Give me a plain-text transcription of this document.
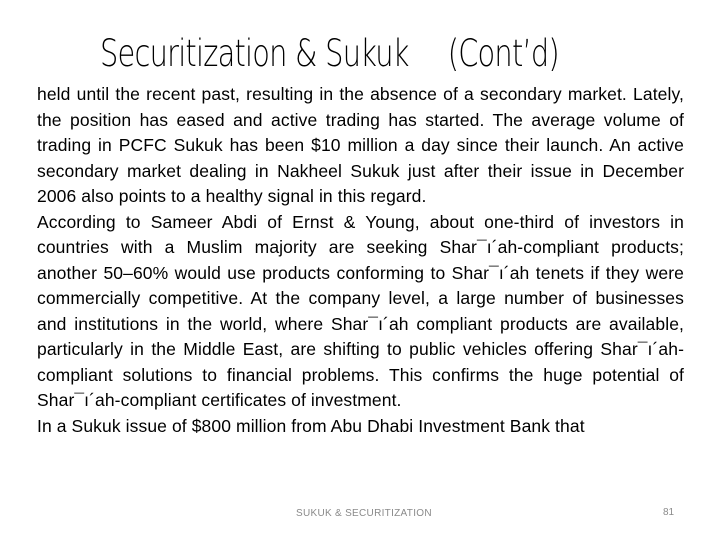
Securitization & Sukuk (Cont’d)

held until the recent past, resulting in the absence of a secondary market. Lately, the position has eased and active trading has started. The average volume of trading in PCFC Sukuk has been $10 million a day since their launch. An active secondary market dealing in Nakheel Sukuk just after their issue in December 2006 also points to a healthy signal in this regard.

According to Sameer Abdi of Ernst & Young, about one-third of investors in countries with a Muslim majority are seeking Shar¯ı´ah-compliant products; another 50–60% would use products conforming to Shar¯ı´ah tenets if they were commercially competitive. At the company level, a large number of businesses and institutions in the world, where Shar¯ı´ah compliant products are available, particularly in the Middle East, are shifting to public vehicles offering Shar¯ı´ah-compliant solutions to financial problems. This confirms the huge potential of Shar¯ı´ah-compliant certificates of investment.

In a Sukuk issue of $800 million from Abu Dhabi Investment Bank that

SUKUK & SECURITIZATION	81
